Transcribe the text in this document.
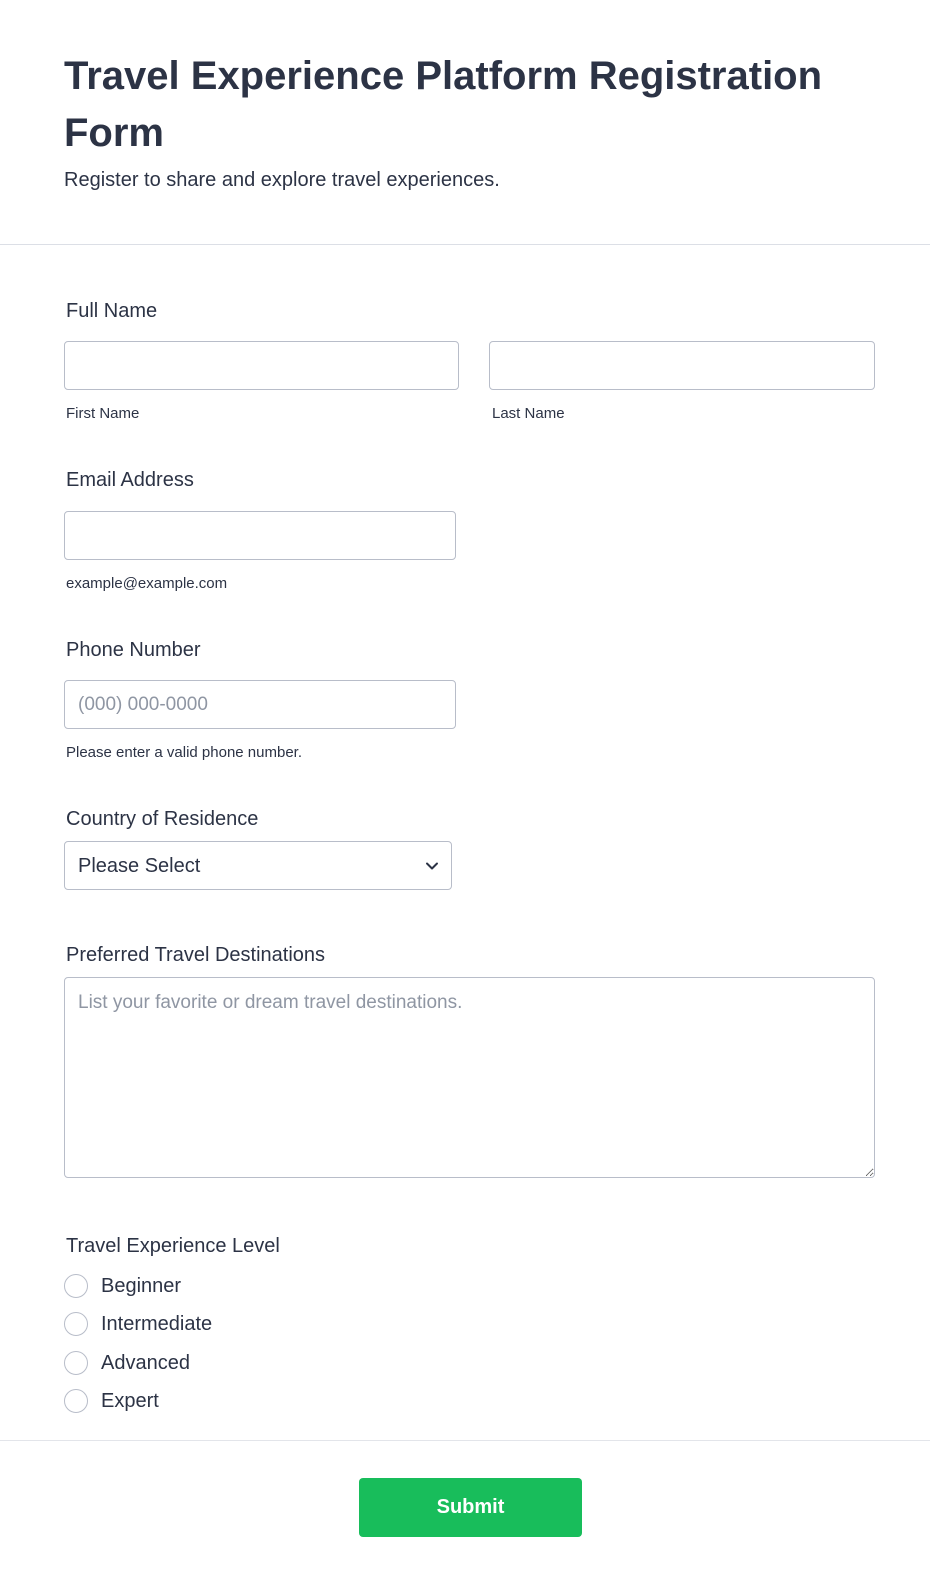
Travel Experience Platform Registration Form

Register to share and explore travel experiences.

Full Name
First Name	Last Name
Email Address
example@example.com
Phone Number
(000) 000-0000
Please enter a valid phone number.
Country of Residence
Please Select
Preferred Travel Destinations
List your favorite or dream travel destinations.
Travel Experience Level
Beginner
Intermediate
Advanced
Expert
Submit
